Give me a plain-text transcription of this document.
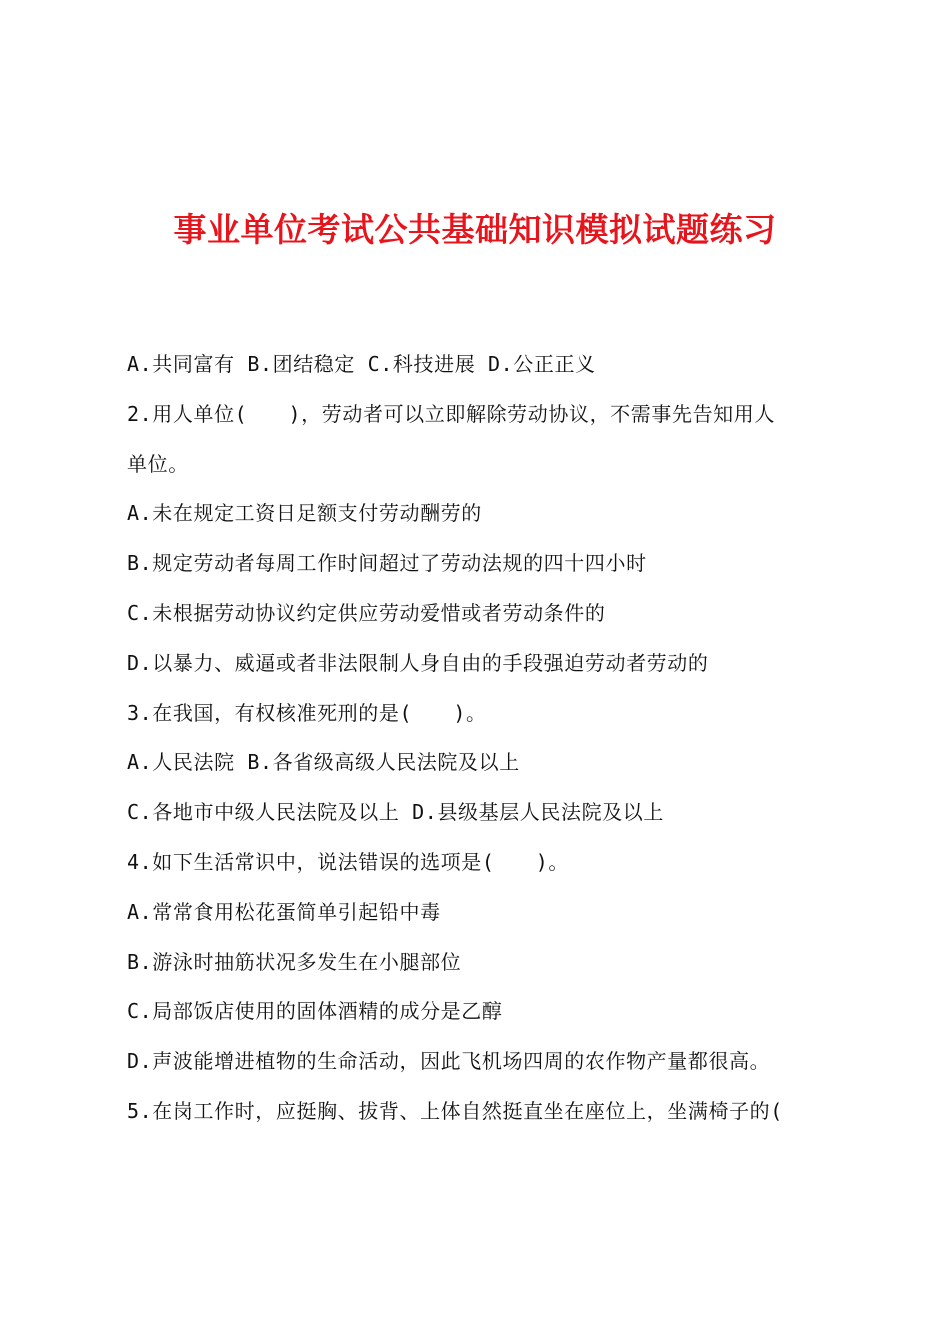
事业单位考试公共基础知识模拟试题练习
A.共同富有 B.团结稳定 C.科技进展 D.公正正义
2.用人单位(　　)，劳动者可以立即解除劳动协议，不需事先告知用人
单位。
A.未在规定工资日足额支付劳动酬劳的
B.规定劳动者每周工作时间超过了劳动法规的四十四小时
C.未根据劳动协议约定供应劳动爱惜或者劳动条件的
D.以暴力、威逼或者非法限制人身自由的手段强迫劳动者劳动的
3.在我国，有权核准死刑的是(　　)。
A.人民法院 B.各省级高级人民法院及以上
C.各地市中级人民法院及以上 D.县级基层人民法院及以上
4.如下生活常识中，说法错误的选项是(　　)。
A.常常食用松花蛋简单引起铅中毒
B.游泳时抽筋状况多发生在小腿部位
C.局部饭店使用的固体酒精的成分是乙醇
D.声波能增进植物的生命活动，因此飞机场四周的农作物产量都很高。
5.在岗工作时，应挺胸、拔背、上体自然挺直坐在座位上，坐满椅子的(
